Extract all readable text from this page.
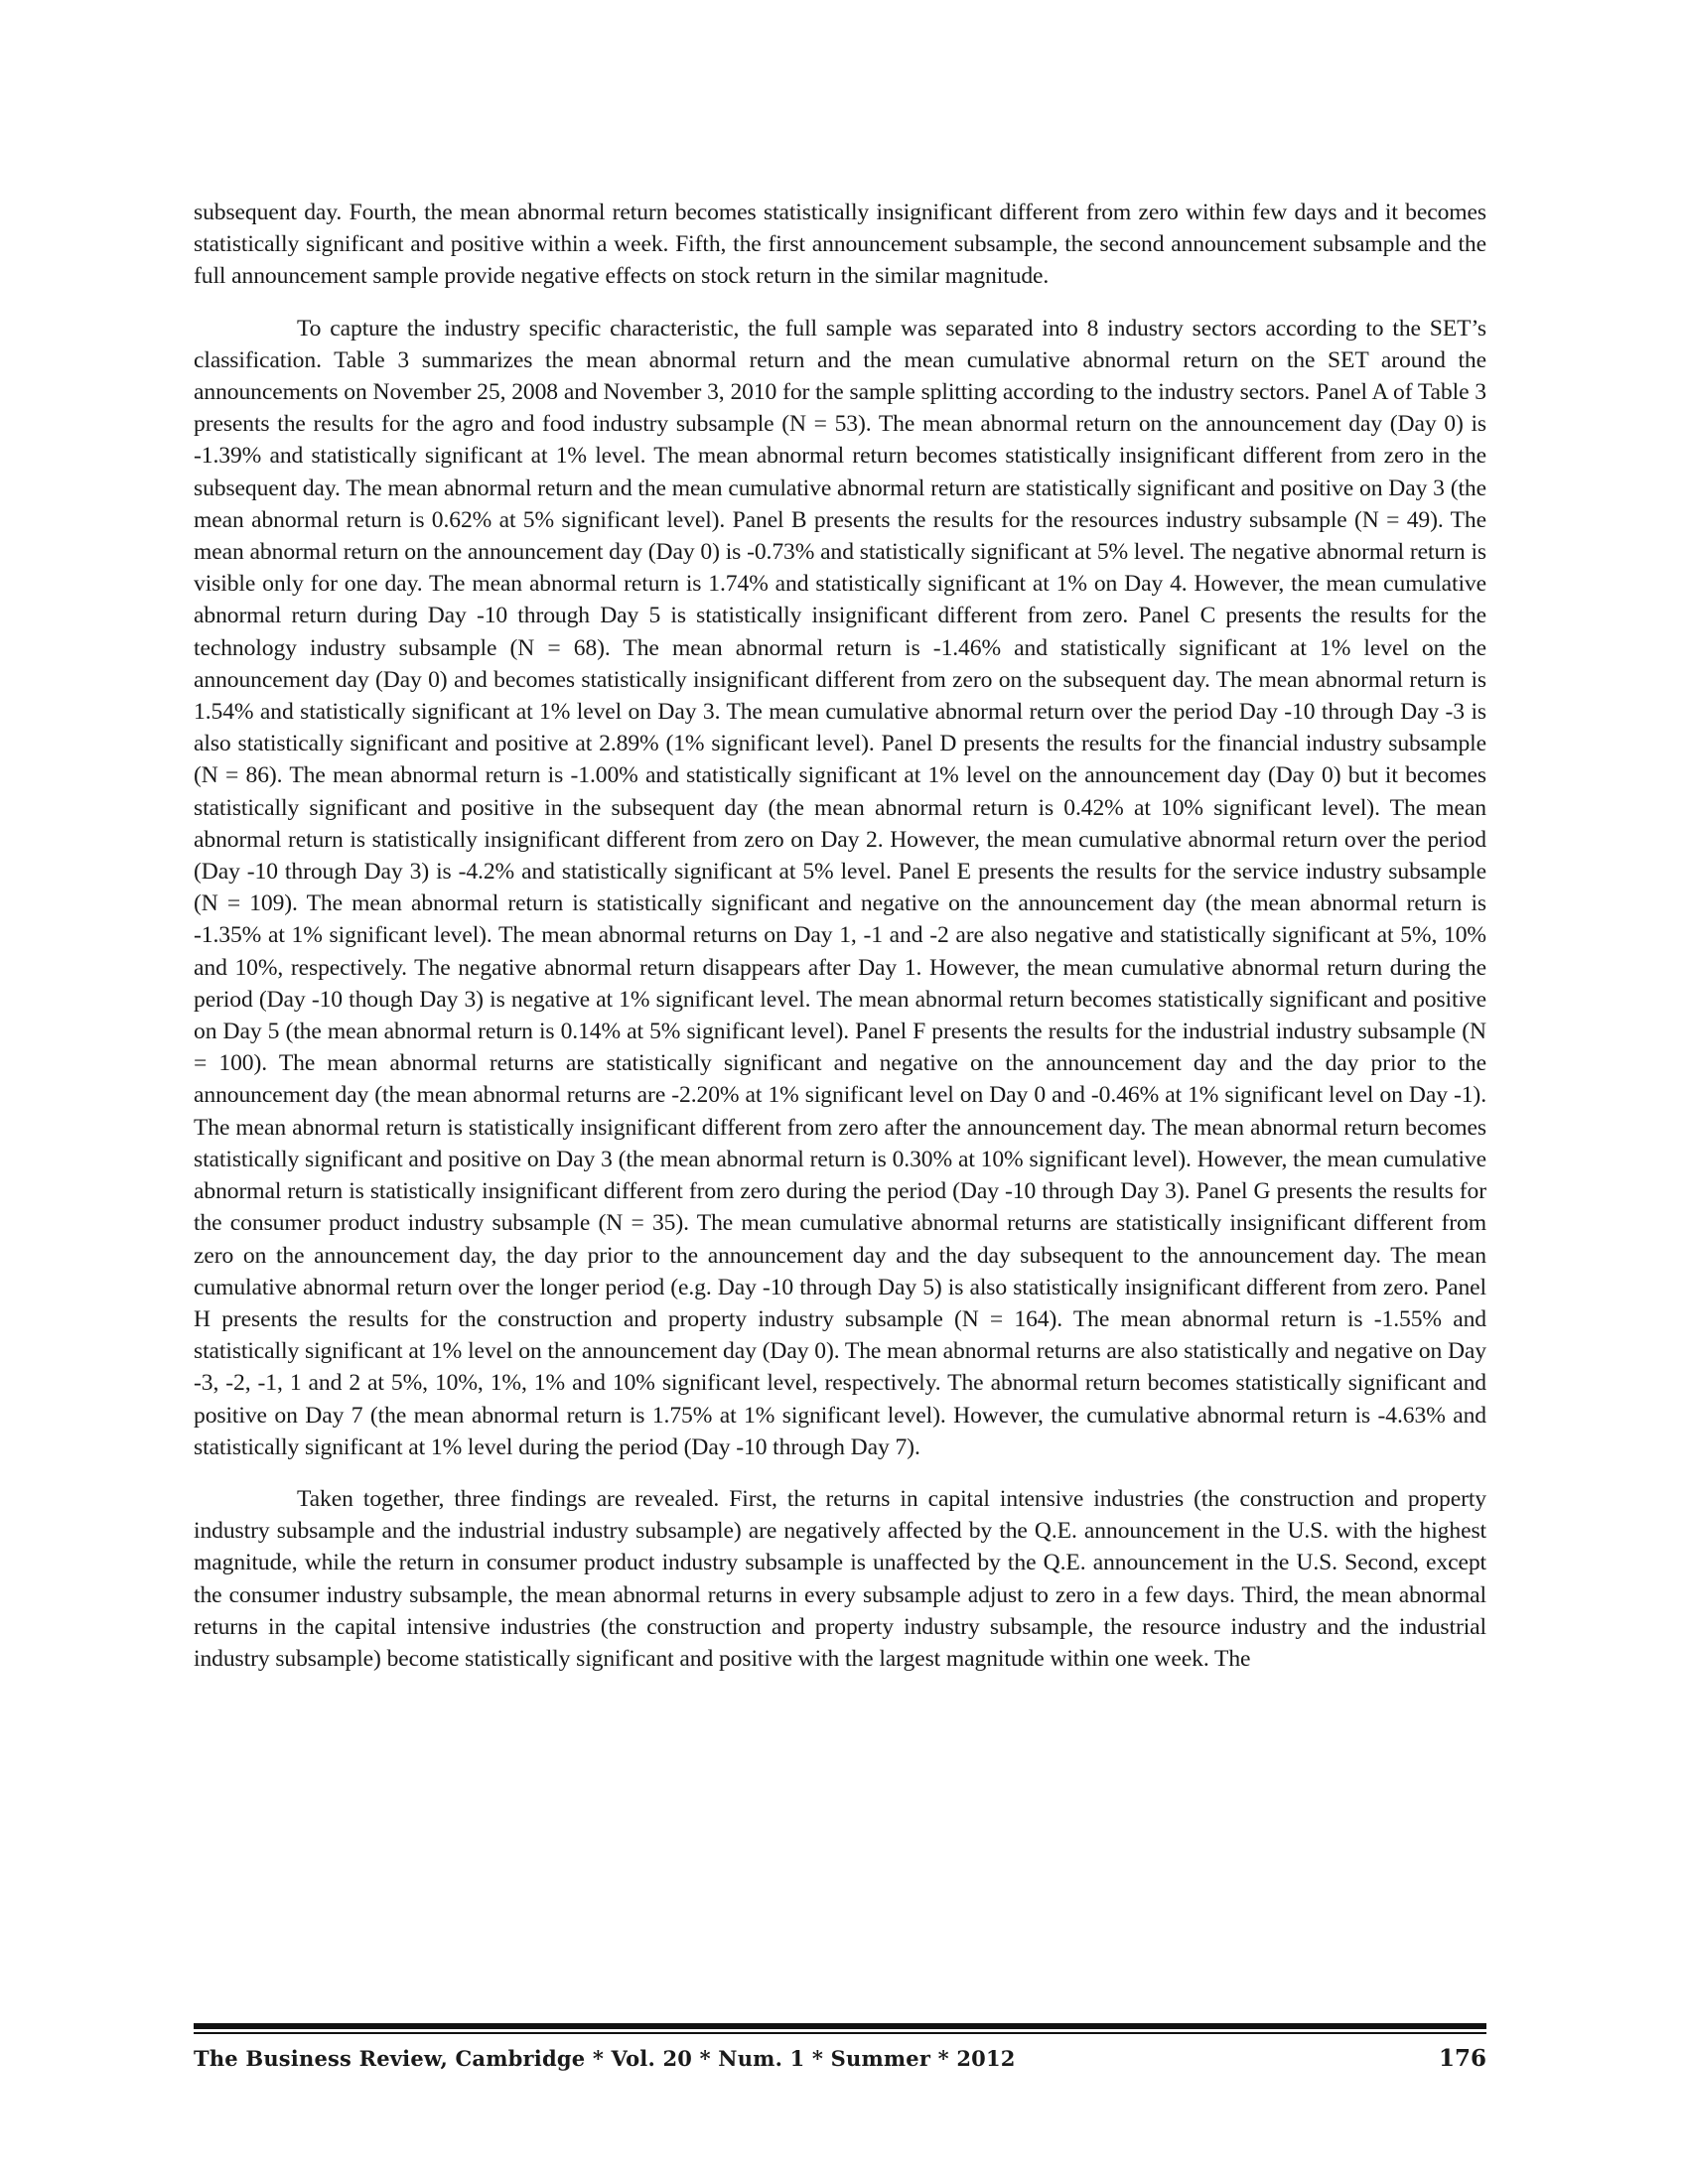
subsequent day. Fourth, the mean abnormal return becomes statistically insignificant different from zero within few days and it becomes statistically significant and positive within a week. Fifth, the first announcement subsample, the second announcement subsample and the full announcement sample provide negative effects on stock return in the similar magnitude.

To capture the industry specific characteristic, the full sample was separated into 8 industry sectors according to the SET’s classification. Table 3 summarizes the mean abnormal return and the mean cumulative abnormal return on the SET around the announcements on November 25, 2008 and November 3, 2010 for the sample splitting according to the industry sectors. Panel A of Table 3 presents the results for the agro and food industry subsample (N = 53). The mean abnormal return on the announcement day (Day 0) is -1.39% and statistically significant at 1% level. The mean abnormal return becomes statistically insignificant different from zero in the subsequent day. The mean abnormal return and the mean cumulative abnormal return are statistically significant and positive on Day 3 (the mean abnormal return is 0.62% at 5% significant level). Panel B presents the results for the resources industry subsample (N = 49). The mean abnormal return on the announcement day (Day 0) is -0.73% and statistically significant at 5% level. The negative abnormal return is visible only for one day. The mean abnormal return is 1.74% and statistically significant at 1% on Day 4. However, the mean cumulative abnormal return during Day -10 through Day 5 is statistically insignificant different from zero. Panel C presents the results for the technology industry subsample (N = 68). The mean abnormal return is -1.46% and statistically significant at 1% level on the announcement day (Day 0) and becomes statistically insignificant different from zero on the subsequent day. The mean abnormal return is 1.54% and statistically significant at 1% level on Day 3. The mean cumulative abnormal return over the period Day -10 through Day -3 is also statistically significant and positive at 2.89% (1% significant level). Panel D presents the results for the financial industry subsample (N = 86). The mean abnormal return is -1.00% and statistically significant at 1% level on the announcement day (Day 0) but it becomes statistically significant and positive in the subsequent day (the mean abnormal return is 0.42% at 10% significant level). The mean abnormal return is statistically insignificant different from zero on Day 2. However, the mean cumulative abnormal return over the period (Day -10 through Day 3) is -4.2% and statistically significant at 5% level. Panel E presents the results for the service industry subsample (N = 109). The mean abnormal return is statistically significant and negative on the announcement day (the mean abnormal return is -1.35% at 1% significant level). The mean abnormal returns on Day 1, -1 and -2 are also negative and statistically significant at 5%, 10% and 10%, respectively. The negative abnormal return disappears after Day 1. However, the mean cumulative abnormal return during the period (Day -10 though Day 3) is negative at 1% significant level. The mean abnormal return becomes statistically significant and positive on Day 5 (the mean abnormal return is 0.14% at 5% significant level). Panel F presents the results for the industrial industry subsample (N = 100). The mean abnormal returns are statistically significant and negative on the announcement day and the day prior to the announcement day (the mean abnormal returns are -2.20% at 1% significant level on Day 0 and -0.46% at 1% significant level on Day -1). The mean abnormal return is statistically insignificant different from zero after the announcement day. The mean abnormal return becomes statistically significant and positive on Day 3 (the mean abnormal return is 0.30% at 10% significant level). However, the mean cumulative abnormal return is statistically insignificant different from zero during the period (Day -10 through Day 3). Panel G presents the results for the consumer product industry subsample (N = 35). The mean cumulative abnormal returns are statistically insignificant different from zero on the announcement day, the day prior to the announcement day and the day subsequent to the announcement day. The mean cumulative abnormal return over the longer period (e.g. Day -10 through Day 5) is also statistically insignificant different from zero. Panel H presents the results for the construction and property industry subsample (N = 164). The mean abnormal return is -1.55% and statistically significant at 1% level on the announcement day (Day 0). The mean abnormal returns are also statistically and negative on Day -3, -2, -1, 1 and 2 at 5%, 10%, 1%, 1% and 10% significant level, respectively. The abnormal return becomes statistically significant and positive on Day 7 (the mean abnormal return is 1.75% at 1% significant level). However, the cumulative abnormal return is -4.63% and statistically significant at 1% level during the period (Day -10 through Day 7).

Taken together, three findings are revealed. First, the returns in capital intensive industries (the construction and property industry subsample and the industrial industry subsample) are negatively affected by the Q.E. announcement in the U.S. with the highest magnitude, while the return in consumer product industry subsample is unaffected by the Q.E. announcement in the U.S. Second, except the consumer industry subsample, the mean abnormal returns in every subsample adjust to zero in a few days. Third, the mean abnormal returns in the capital intensive industries (the construction and property industry subsample, the resource industry and the industrial industry subsample) become statistically significant and positive with the largest magnitude within one week. The

The Business Review, Cambridge * Vol. 20 * Num. 1 * Summer * 2012	176
